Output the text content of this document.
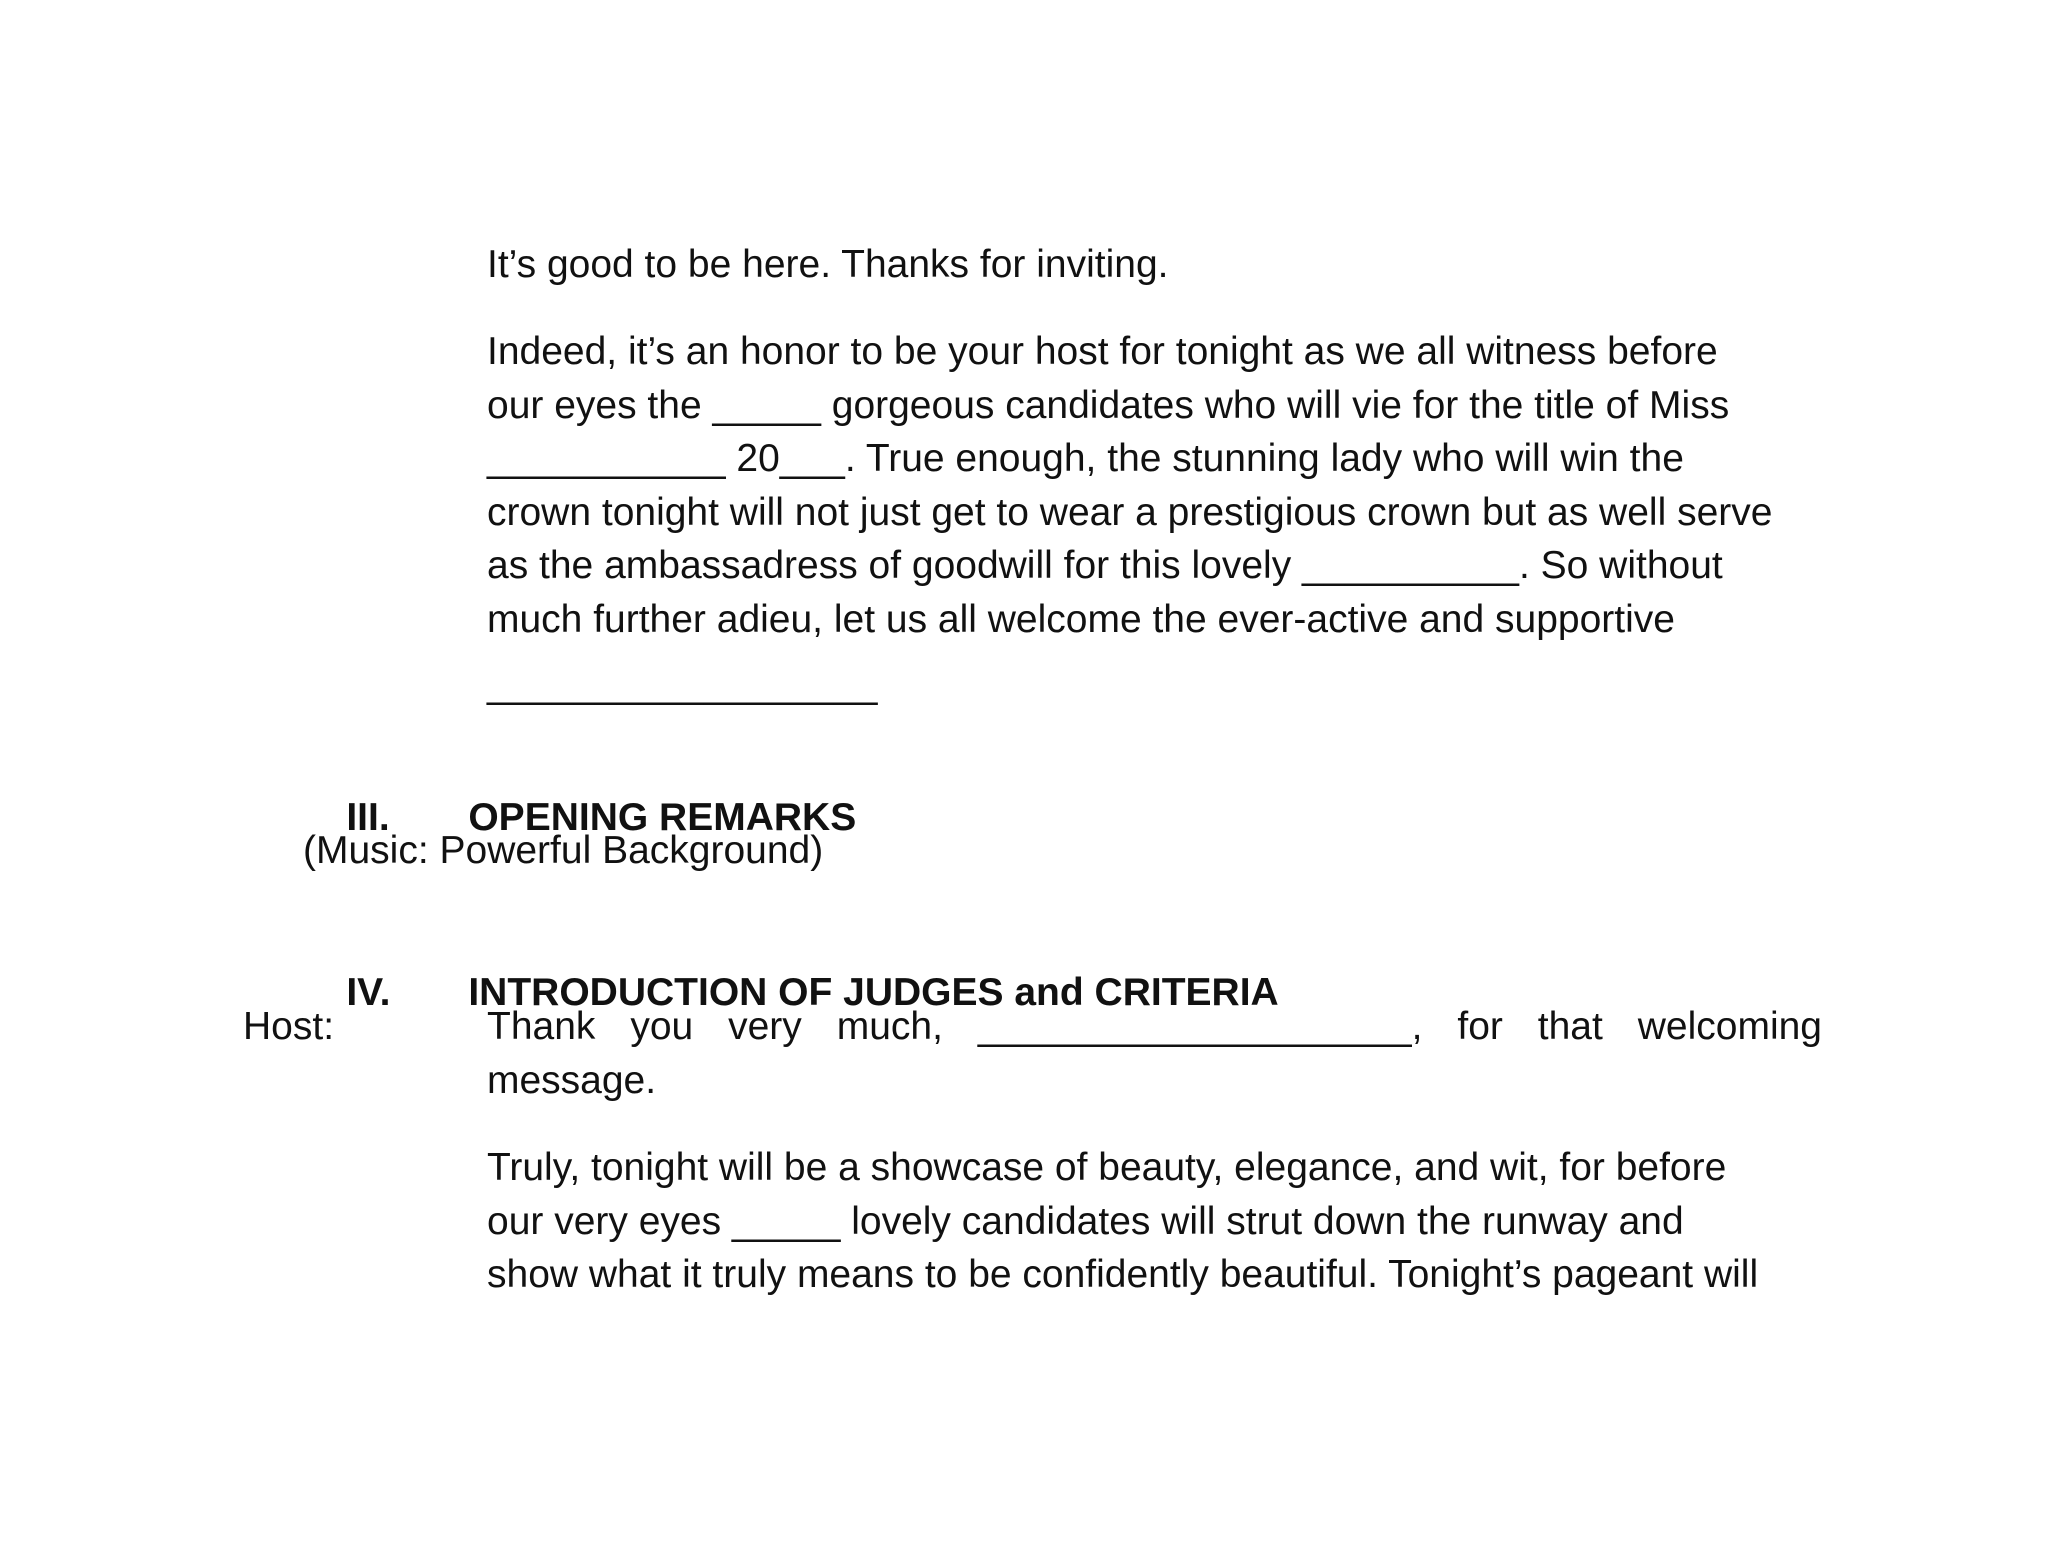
It’s good to be here. Thanks for inviting.

Indeed, it’s an honor to be your host for tonight as we all witness before
our eyes the _____ gorgeous candidates who will vie for the title of Miss
___________ 20___. True enough, the stunning lady who will win the
crown tonight will not just get to wear a prestigious crown but as well serve
as the ambassadress of goodwill for this lovely __________. So without
much further adieu, let us all welcome the ever-active and supportive
__________________

III. OPENING REMARKS

(Music: Powerful Background)

IV. INTRODUCTION OF JUDGES and CRITERIA

Host:	Thank you very much, ____________________, for that welcoming
message.

Truly, tonight will be a showcase of beauty, elegance, and wit, for before
our very eyes _____ lovely candidates will strut down the runway and
show what it truly means to be confidently beautiful. Tonight’s pageant will
